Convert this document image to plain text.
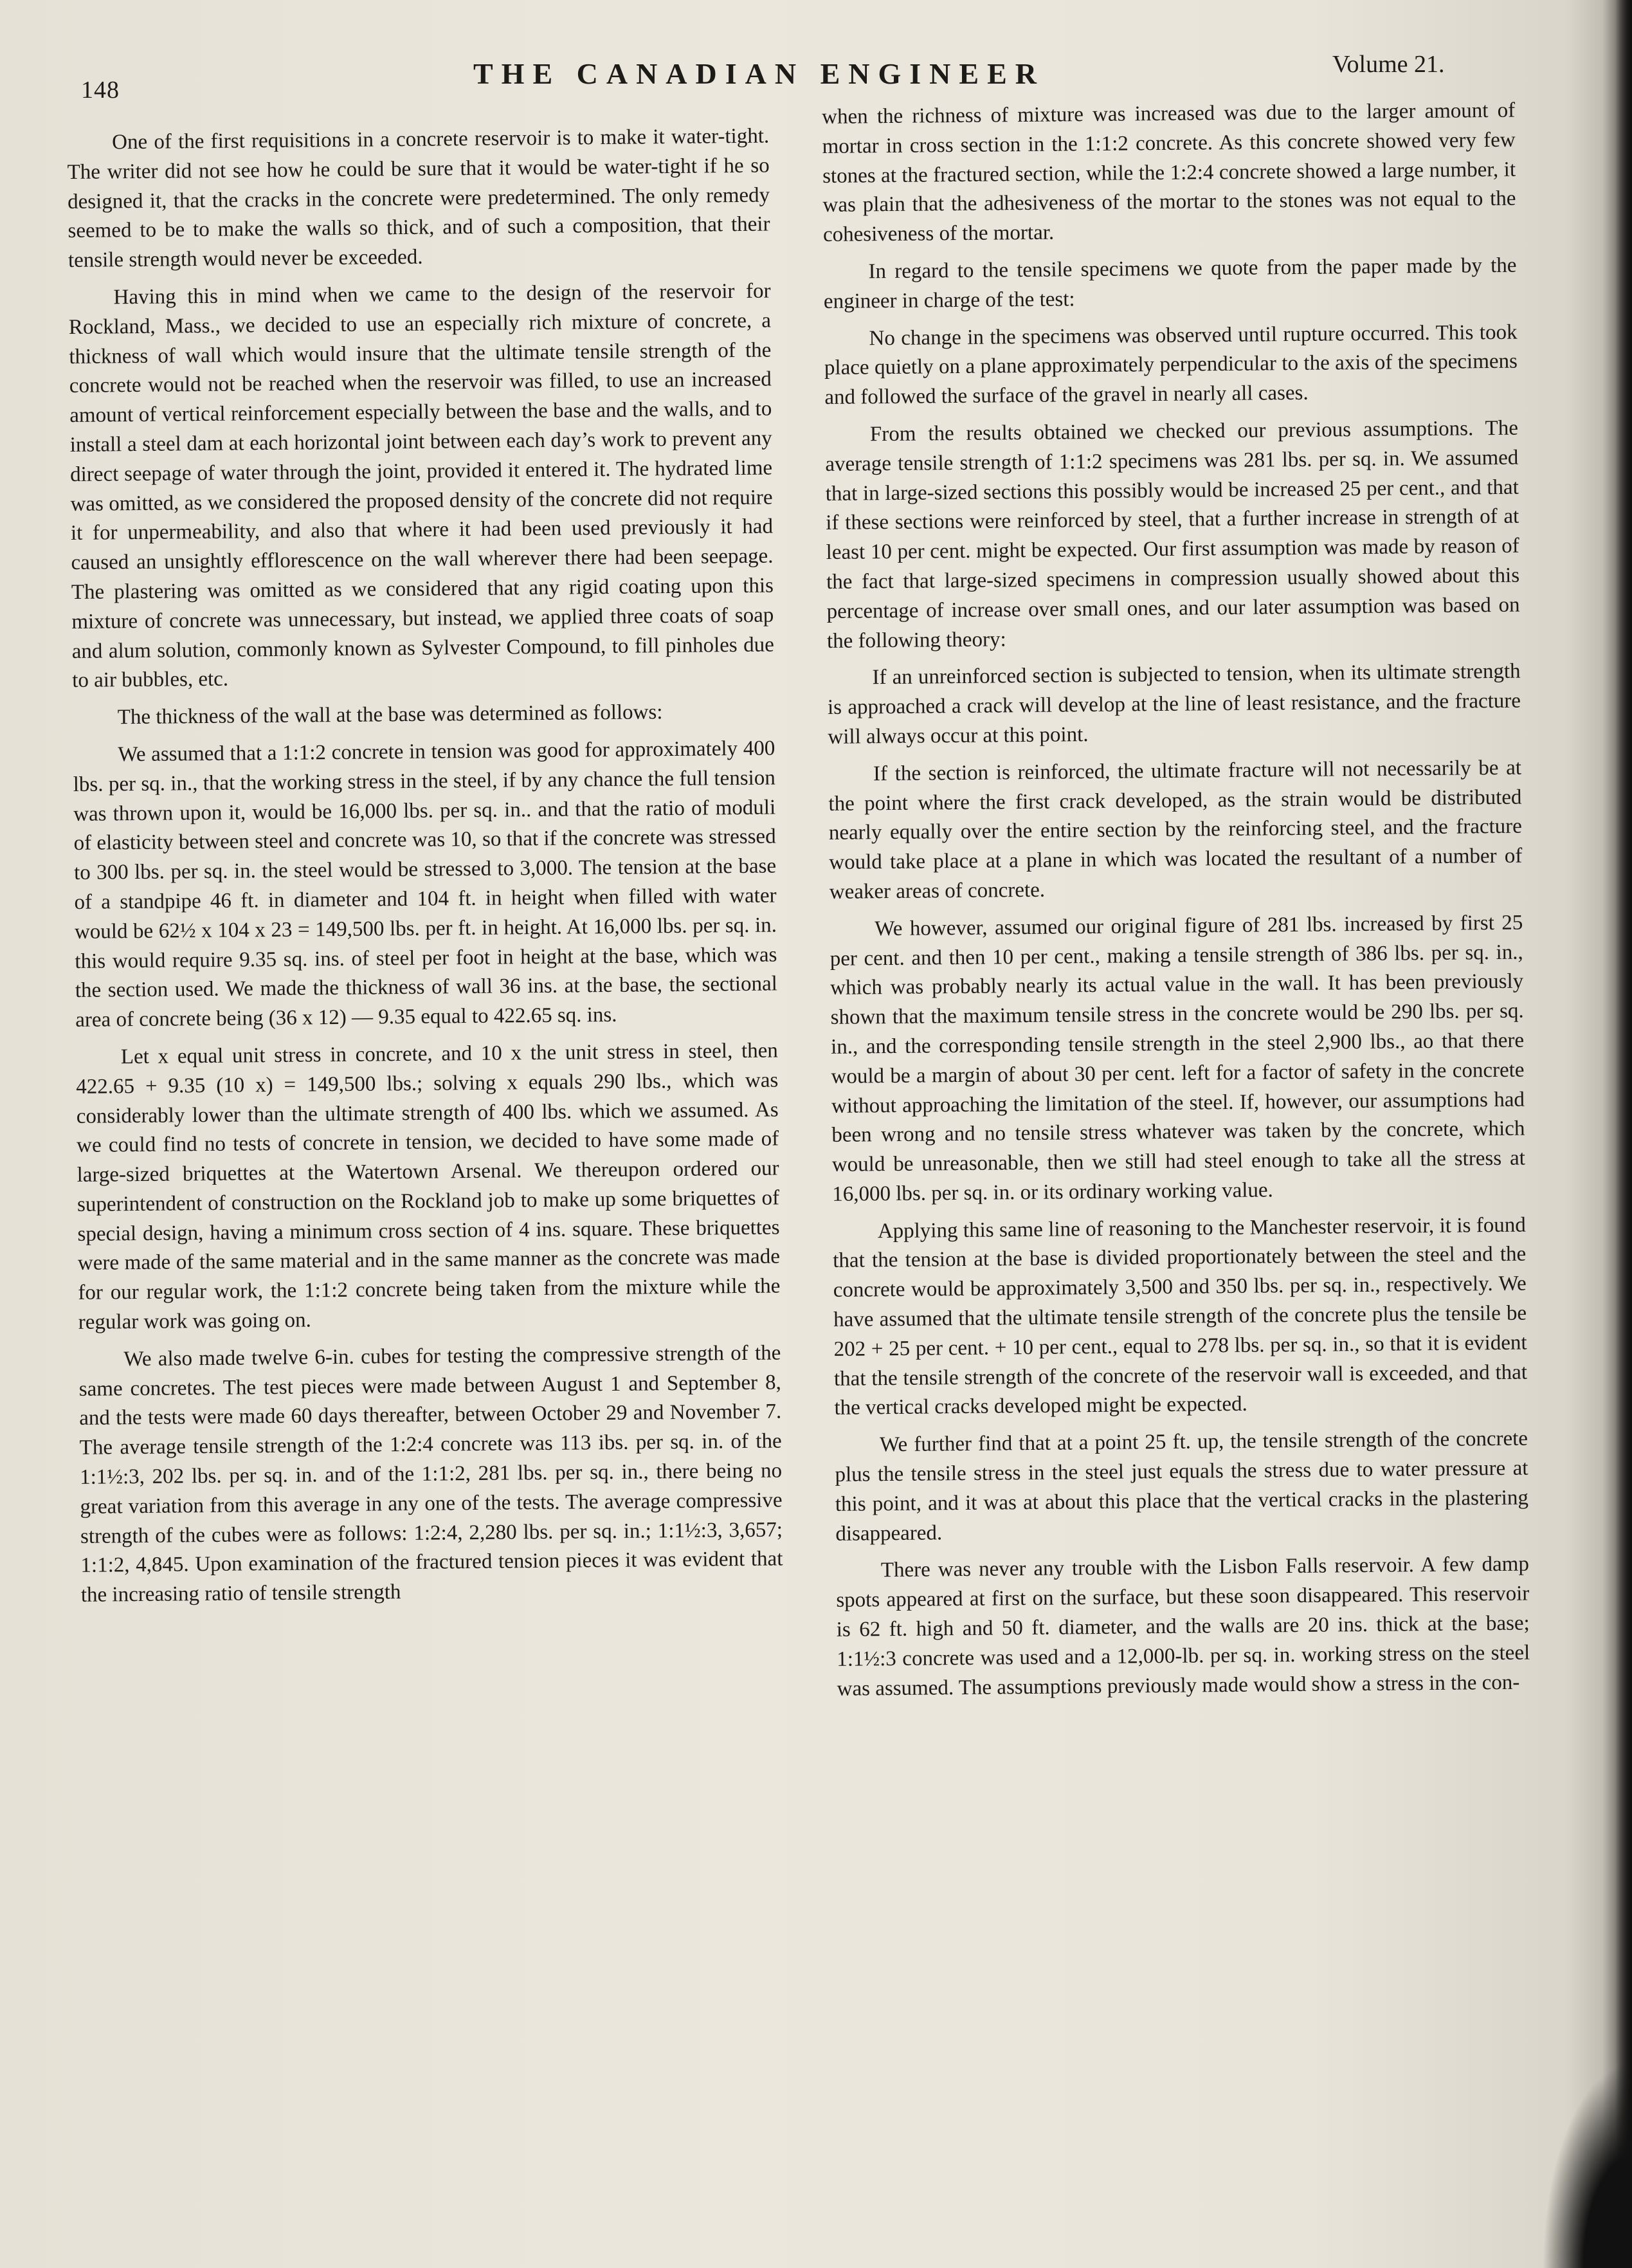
148	THE CANADIAN ENGINEER	Volume 21.

One of the first requisitions in a concrete reservoir is to make it water-tight. The writer did not see how he could be sure that it would be water-tight if he so designed it, that the cracks in the concrete were predetermined. The only remedy seemed to be to make the walls so thick, and of such a composition, that their tensile strength would never be exceeded.

Having this in mind when we came to the design of the reservoir for Rockland, Mass., we decided to use an especially rich mixture of concrete, a thickness of wall which would insure that the ultimate tensile strength of the concrete would not be reached when the reservoir was filled, to use an increased amount of vertical reinforcement especially between the base and the walls, and to install a steel dam at each horizontal joint between each day’s work to prevent any direct seepage of water through the joint, provided it entered it. The hydrated lime was omitted, as we considered the proposed density of the concrete did not require it for unpermeability, and also that where it had been used previously it had caused an unsightly efflorescence on the wall wherever there had been seepage. The plastering was omitted as we considered that any rigid coating upon this mixture of concrete was unnecessary, but instead, we applied three coats of soap and alum solution, commonly known as Sylvester Compound, to fill pinholes due to air bubbles, etc.

The thickness of the wall at the base was determined as follows:

We assumed that a 1:1:2 concrete in tension was good for approximately 400 lbs. per sq. in., that the working stress in the steel, if by any chance the full tension was thrown upon it, would be 16,000 lbs. per sq. in.. and that the ratio of moduli of elasticity between steel and concrete was 10, so that if the concrete was stressed to 300 lbs. per sq. in. the steel would be stressed to 3,000. The tension at the base of a standpipe 46 ft. in diameter and 104 ft. in height when filled with water would be 62½ x 104 x 23 = 149,500 lbs. per ft. in height. At 16,000 lbs. per sq. in. this would require 9.35 sq. ins. of steel per foot in height at the base, which was the section used. We made the thickness of wall 36 ins. at the base, the sectional area of concrete being (36 x 12) — 9.35 equal to 422.65 sq. ins.

Let x equal unit stress in concrete, and 10 x the unit stress in steel, then 422.65 + 9.35 (10 x) = 149,500 lbs.; solving x equals 290 lbs., which was considerably lower than the ultimate strength of 400 lbs. which we assumed. As we could find no tests of concrete in tension, we decided to have some made of large-sized briquettes at the Watertown Arsenal. We thereupon ordered our superintendent of construction on the Rockland job to make up some briquettes of special design, having a minimum cross section of 4 ins. square. These briquettes were made of the same material and in the same manner as the concrete was made for our regular work, the 1:1:2 concrete being taken from the mixture while the regular work was going on.

We also made twelve 6-in. cubes for testing the compressive strength of the same concretes. The test pieces were made between August 1 and September 8, and the tests were made 60 days thereafter, between October 29 and November 7. The average tensile strength of the 1:2:4 concrete was 113 ibs. per sq. in. of the 1:1½:3, 202 lbs. per sq. in. and of the 1:1:2, 281 lbs. per sq. in., there being no great variation from this average in any one of the tests. The average compressive strength of the cubes were as follows: 1:2:4, 2,280 lbs. per sq. in.; 1:1½:3, 3,657; 1:1:2, 4,845. Upon examination of the fractured tension pieces it was evident that the increasing ratio of tensile strength

when the richness of mixture was increased was due to the larger amount of mortar in cross section in the 1:1:2 concrete. As this concrete showed very few stones at the fractured section, while the 1:2:4 concrete showed a large number, it was plain that the adhesiveness of the mortar to the stones was not equal to the cohesiveness of the mortar.

In regard to the tensile specimens we quote from the paper made by the engineer in charge of the test:

No change in the specimens was observed until rupture occurred. This took place quietly on a plane approximately perpendicular to the axis of the specimens and followed the surface of the gravel in nearly all cases.

From the results obtained we checked our previous assumptions. The average tensile strength of 1:1:2 specimens was 281 lbs. per sq. in. We assumed that in large-sized sections this possibly would be increased 25 per cent., and that if these sections were reinforced by steel, that a further increase in strength of at least 10 per cent. might be expected. Our first assumption was made by reason of the fact that large-sized specimens in compression usually showed about this percentage of increase over small ones, and our later assumption was based on the following theory:

If an unreinforced section is subjected to tension, when its ultimate strength is approached a crack will develop at the line of least resistance, and the fracture will always occur at this point.

If the section is reinforced, the ultimate fracture will not necessarily be at the point where the first crack developed, as the strain would be distributed nearly equally over the entire section by the reinforcing steel, and the fracture would take place at a plane in which was located the resultant of a number of weaker areas of concrete.

We however, assumed our original figure of 281 lbs. increased by first 25 per cent. and then 10 per cent., making a tensile strength of 386 lbs. per sq. in., which was probably nearly its actual value in the wall. It has been previously shown that the maximum tensile stress in the concrete would be 290 lbs. per sq. in., and the corresponding tensile strength in the steel 2,900 lbs., ao that there would be a margin of about 30 per cent. left for a factor of safety in the concrete without approaching the limitation of the steel. If, however, our assumptions had been wrong and no tensile stress whatever was taken by the concrete, which would be unreasonable, then we still had steel enough to take all the stress at 16,000 lbs. per sq. in. or its ordinary working value.

Applying this same line of reasoning to the Manchester reservoir, it is found that the tension at the base is divided proportionately between the steel and the concrete would be approximately 3,500 and 350 lbs. per sq. in., respectively. We have assumed that the ultimate tensile strength of the concrete plus the tensile be 202 + 25 per cent. + 10 per cent., equal to 278 lbs. per sq. in., so that it is evident that the tensile strength of the concrete of the reservoir wall is exceeded, and that the vertical cracks developed might be expected.

We further find that at a point 25 ft. up, the tensile strength of the concrete plus the tensile stress in the steel just equals the stress due to water pressure at this point, and it was at about this place that the vertical cracks in the plastering disappeared.

There was never any trouble with the Lisbon Falls reservoir. A few damp spots appeared at first on the surface, but these soon disappeared. This reservoir is 62 ft. high and 50 ft. diameter, and the walls are 20 ins. thick at the base; 1:1½:3 concrete was used and a 12,000-lb. per sq. in. working stress on the steel was assumed. The assumptions previously made would show a stress in the con-
